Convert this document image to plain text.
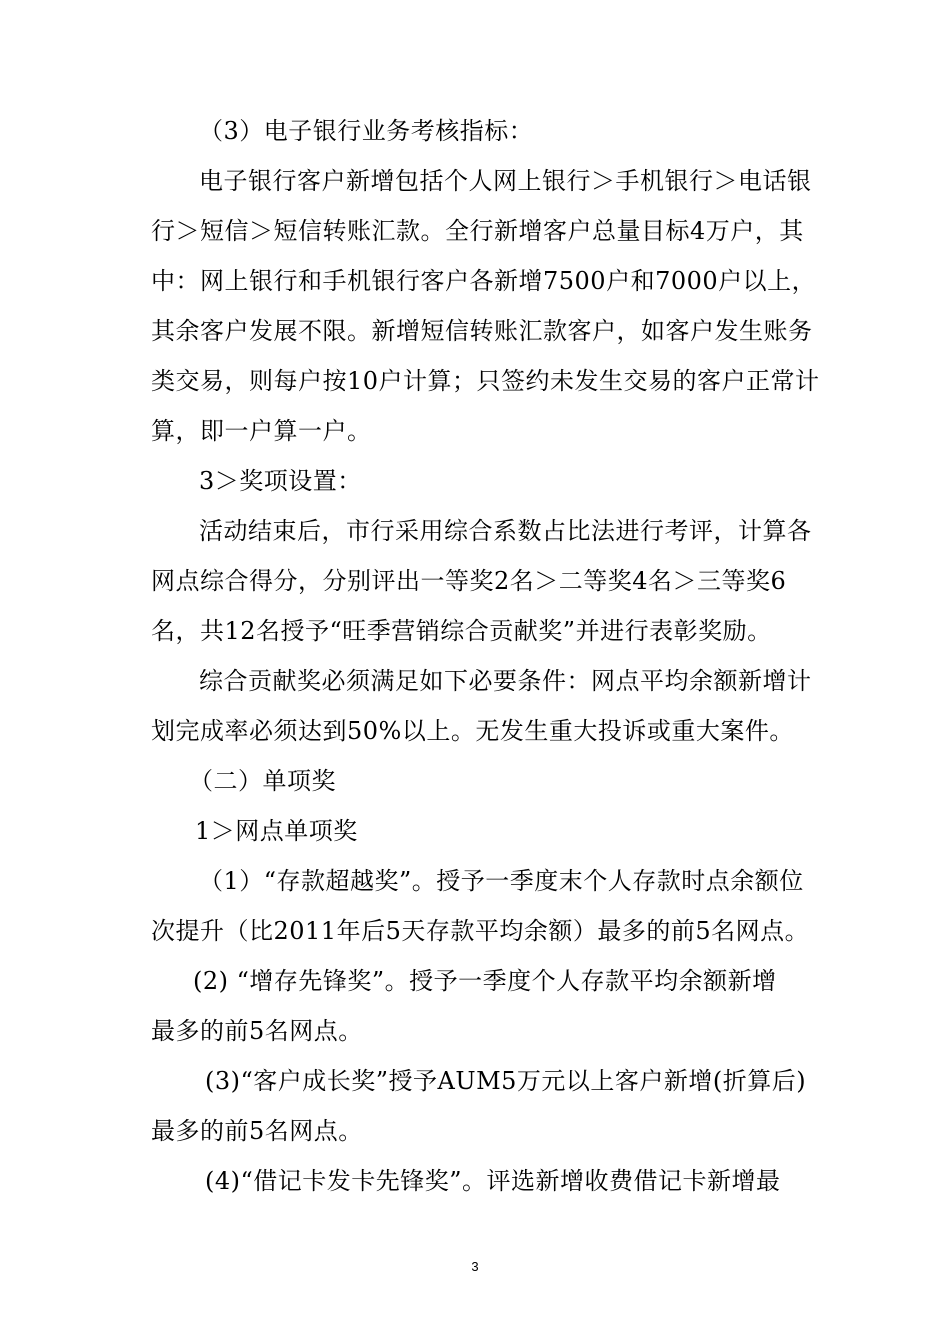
（3）电子银行业务考核指标：
电子银行客户新增包括个人网上银行＞手机银行＞电话银
行＞短信＞短信转账汇款。全行新增客户总量目标4万户，其
中：网上银行和手机银行客户各新增7500户和7000户以上，
其余客户发展不限。新增短信转账汇款客户，如客户发生账务
类交易，则每户按10户计算；只签约未发生交易的客户正常计
算，即一户算一户。
3＞奖项设置：
活动结束后，市行采用综合系数占比法进行考评，计算各
网点综合得分，分别评出一等奖2名＞二等奖4名＞三等奖6
名，共12名授予“旺季营销综合贡献奖”并进行表彰奖励。
综合贡献奖必须满足如下必要条件：网点平均余额新增计
划完成率必须达到50%以上。无发生重大投诉或重大案件。
（二）单项奖
1＞网点单项奖
（1）“存款超越奖”。授予一季度末个人存款时点余额位
次提升（比2011年后5天存款平均余额）最多的前5名网点。
(2) “增存先锋奖”。授予一季度个人存款平均余额新增
最多的前5名网点。
(3)“客户成长奖”授予AUM5万元以上客户新增(折算后)
最多的前5名网点。
(4)“借记卡发卡先锋奖”。评选新增收费借记卡新增最
3
